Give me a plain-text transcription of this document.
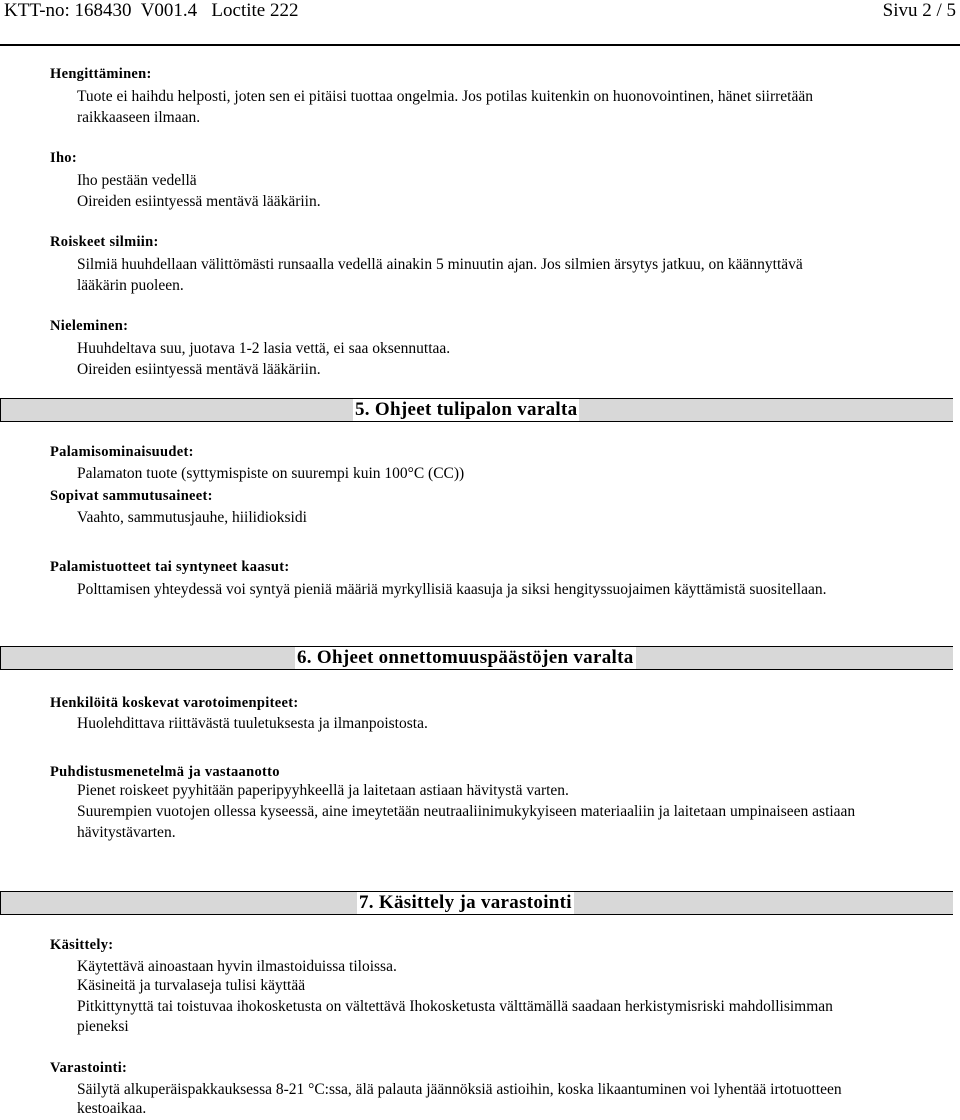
KTT-no: 168430  V001.4   Loctite 222	Sivu 2 / 5
Hengittäminen:
Tuote ei haihdu helposti, joten sen ei pitäisi tuottaa ongelmia. Jos potilas kuitenkin on huonovointinen, hänet siirretään
raikkaaseen ilmaan.
Iho:
Iho pestään vedellä
Oireiden esiintyessä mentävä lääkäriin.
Roiskeet silmiin:
Silmiä huuhdellaan välittömästi runsaalla vedellä ainakin 5 minuutin ajan. Jos silmien ärsytys jatkuu, on käännyttävä
lääkärin puoleen.
Nieleminen:
Huuhdeltava suu, juotava 1-2 lasia vettä, ei saa oksennuttaa.
Oireiden esiintyessä mentävä lääkäriin.
5. Ohjeet tulipalon varalta
Palamisominaisuudet:
Palamaton tuote (syttymispiste on suurempi kuin 100°C (CC))
Sopivat sammutusaineet:
Vaahto, sammutusjauhe, hiilidioksidi
Palamistuotteet tai syntyneet kaasut:
Polttamisen yhteydessä voi syntyä pieniä määriä myrkyllisiä kaasuja ja siksi hengityssuojaimen käyttämistä suositellaan.
6. Ohjeet onnettomuuspäästöjen varalta
Henkilöitä koskevat varotoimenpiteet:
Huolehdittava riittävästä tuuletuksesta ja ilmanpoistosta.
Puhdistusmenetelmä ja vastaanotto
Pienet roiskeet pyyhitään paperipyyhkeellä ja laitetaan astiaan hävitystä varten.
Suurempien vuotojen ollessa kyseessä, aine imeytetään neutraaliinimukykyiseen materiaaliin ja laitetaan umpinaiseen astiaan
hävitystävarten.
7. Käsittely ja varastointi
Käsittely:
Käytettävä ainoastaan hyvin ilmastoiduissa tiloissa.
Käsineitä ja turvalaseja tulisi käyttää
Pitkittynyttä tai toistuvaa ihokosketusta on vältettävä Ihokosketusta välttämällä saadaan herkistymisriski mahdollisimman
pieneksi
Varastointi:
Säilytä alkuperäispakkauksessa 8-21 °C:ssa, älä palauta jäännöksiä astioihin, koska likaantuminen voi lyhentää irtotuotteen
kestoaikaa.
